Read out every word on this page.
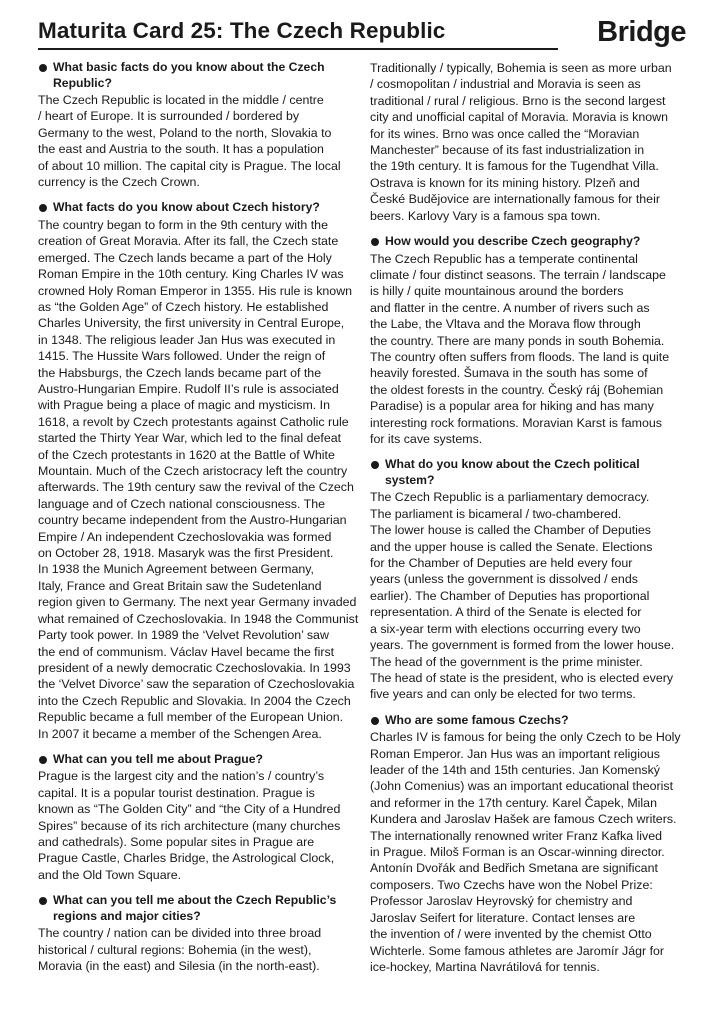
Maturita Card 25: The Czech Republic	Bridge
What basic facts do you know about the Czech Republic?
The Czech Republic is located in the middle / centre
/ heart of Europe. It is surrounded / bordered by
Germany to the west, Poland to the north, Slovakia to
the east and Austria to the south. It has a population
of about 10 million. The capital city is Prague. The local
currency is the Czech Crown.
What facts do you know about Czech history?
The country began to form in the 9th century with the
creation of Great Moravia. After its fall, the Czech state
emerged. The Czech lands became a part of the Holy
Roman Empire in the 10th century. King Charles IV was
crowned Holy Roman Emperor in 1355. His rule is known
as “the Golden Age” of Czech history. He established
Charles University, the first university in Central Europe,
in 1348. The religious leader Jan Hus was executed in
1415. The Hussite Wars followed. Under the reign of
the Habsburgs, the Czech lands became part of the
Austro-Hungarian Empire. Rudolf II’s rule is associated
with Prague being a place of magic and mysticism. In
1618, a revolt by Czech protestants against Catholic rule
started the Thirty Year War, which led to the final defeat
of the Czech protestants in 1620 at the Battle of White
Mountain. Much of the Czech aristocracy left the country
afterwards. The 19th century saw the revival of the Czech
language and of Czech national consciousness. The
country became independent from the Austro-Hungarian
Empire / An independent Czechoslovakia was formed
on October 28, 1918. Masaryk was the first President.
In 1938 the Munich Agreement between Germany,
Italy, France and Great Britain saw the Sudetenland
region given to Germany. The next year Germany invaded
what remained of Czechoslovakia. In 1948 the Communist
Party took power. In 1989 the ‘Velvet Revolution’ saw
the end of communism. Václav Havel became the first
president of a newly democratic Czechoslovakia. In 1993
the ‘Velvet Divorce’ saw the separation of Czechoslovakia
into the Czech Republic and Slovakia. In 2004 the Czech
Republic became a full member of the European Union.
In 2007 it became a member of the Schengen Area.
What can you tell me about Prague?
Prague is the largest city and the nation’s / country’s
capital. It is a popular tourist destination. Prague is
known as “The Golden City” and “the City of a Hundred
Spires” because of its rich architecture (many churches
and cathedrals). Some popular sites in Prague are
Prague Castle, Charles Bridge, the Astrological Clock,
and the Old Town Square.
What can you tell me about the Czech Republic’s regions and major cities?
The country / nation can be divided into three broad
historical / cultural regions: Bohemia (in the west),
Moravia (in the east) and Silesia (in the north-east).
Traditionally / typically, Bohemia is seen as more urban
/ cosmopolitan / industrial and Moravia is seen as
traditional / rural / religious. Brno is the second largest
city and unofficial capital of Moravia. Moravia is known
for its wines. Brno was once called the “Moravian
Manchester” because of its fast industrialization in
the 19th century. It is famous for the Tugendhat Villa.
Ostrava is known for its mining history. Plzeň and
České Budějovice are internationally famous for their
beers. Karlovy Vary is a famous spa town.
How would you describe Czech geography?
The Czech Republic has a temperate continental
climate / four distinct seasons. The terrain / landscape
is hilly / quite mountainous around the borders
and flatter in the centre. A number of rivers such as
the Labe, the Vltava and the Morava flow through
the country. There are many ponds in south Bohemia.
The country often suffers from floods. The land is quite
heavily forested. Šumava in the south has some of
the oldest forests in the country. Český ráj (Bohemian
Paradise) is a popular area for hiking and has many
interesting rock formations. Moravian Karst is famous
for its cave systems.
What do you know about the Czech political system?
The Czech Republic is a parliamentary democracy.
The parliament is bicameral / two-chambered.
The lower house is called the Chamber of Deputies
and the upper house is called the Senate. Elections
for the Chamber of Deputies are held every four
years (unless the government is dissolved / ends
earlier). The Chamber of Deputies has proportional
representation. A third of the Senate is elected for
a six-year term with elections occurring every two
years. The government is formed from the lower house.
The head of the government is the prime minister.
The head of state is the president, who is elected every
five years and can only be elected for two terms.
Who are some famous Czechs?
Charles IV is famous for being the only Czech to be Holy
Roman Emperor. Jan Hus was an important religious
leader of the 14th and 15th centuries. Jan Komenský
(John Comenius) was an important educational theorist
and reformer in the 17th century. Karel Čapek, Milan
Kundera and Jaroslav Hašek are famous Czech writers.
The internationally renowned writer Franz Kafka lived
in Prague. Miloš Forman is an Oscar-winning director.
Antonín Dvořák and Bedřich Smetana are significant
composers. Two Czechs have won the Nobel Prize:
Professor Jaroslav Heyrovský for chemistry and
Jaroslav Seifert for literature. Contact lenses are
the invention of / were invented by the chemist Otto
Wichterle. Some famous athletes are Jaromír Jágr for
ice-hockey, Martina Navrátilová for tennis.
